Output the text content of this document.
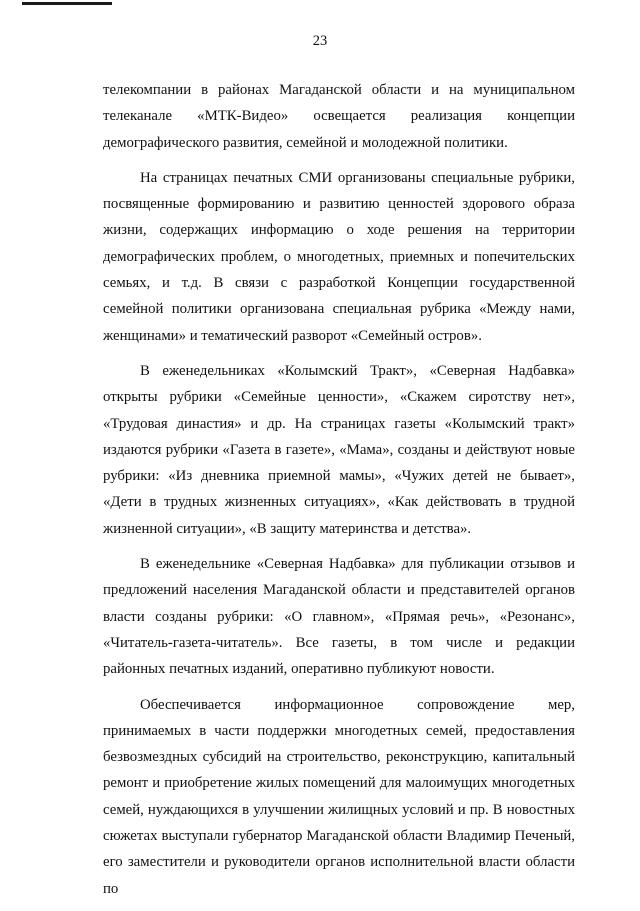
23

телекомпании в районах Магаданской области и на муниципальном телеканале «МТК-Видео» освещается реализация концепции демографического развития, семейной и молодежной политики.

На страницах печатных СМИ организованы специальные рубрики, посвященные формированию и развитию ценностей здорового образа жизни, содержащих информацию о ходе решения на территории демографических проблем, о многодетных, приемных и попечительских семьях, и т.д. В связи с разработкой Концепции государственной семейной политики организована специальная рубрика «Между нами, женщинами» и тематический разворот «Семейный остров».

В еженедельниках «Колымский Тракт», «Северная Надбавка» открыты рубрики «Семейные ценности», «Скажем сиротству нет», «Трудовая династия» и др. На страницах газеты «Колымский тракт» издаются рубрики «Газета в газете», «Мама», созданы и действуют новые рубрики: «Из дневника приемной мамы», «Чужих детей не бывает», «Дети в трудных жизненных ситуациях», «Как действовать в трудной жизненной ситуации», «В защиту материнства и детства».

В еженедельнике «Северная Надбавка» для публикации отзывов и предложений населения Магаданской области и представителей органов власти созданы рубрики: «О главном», «Прямая речь», «Резонанс», «Читатель-газета-читатель». Все газеты, в том числе и редакции районных печатных изданий, оперативно публикуют новости.

Обеспечивается информационное сопровождение мер, принимаемых в части поддержки многодетных семей, предоставления безвозмездных субсидий на строительство, реконструкцию, капитальный ремонт и приобретение жилых помещений для малоимущих многодетных семей, нуждающихся в улучшении жилищных условий и пр. В новостных сюжетах выступали губернатор Магаданской области Владимир Печеный, его заместители и руководители органов исполнительной власти области по
